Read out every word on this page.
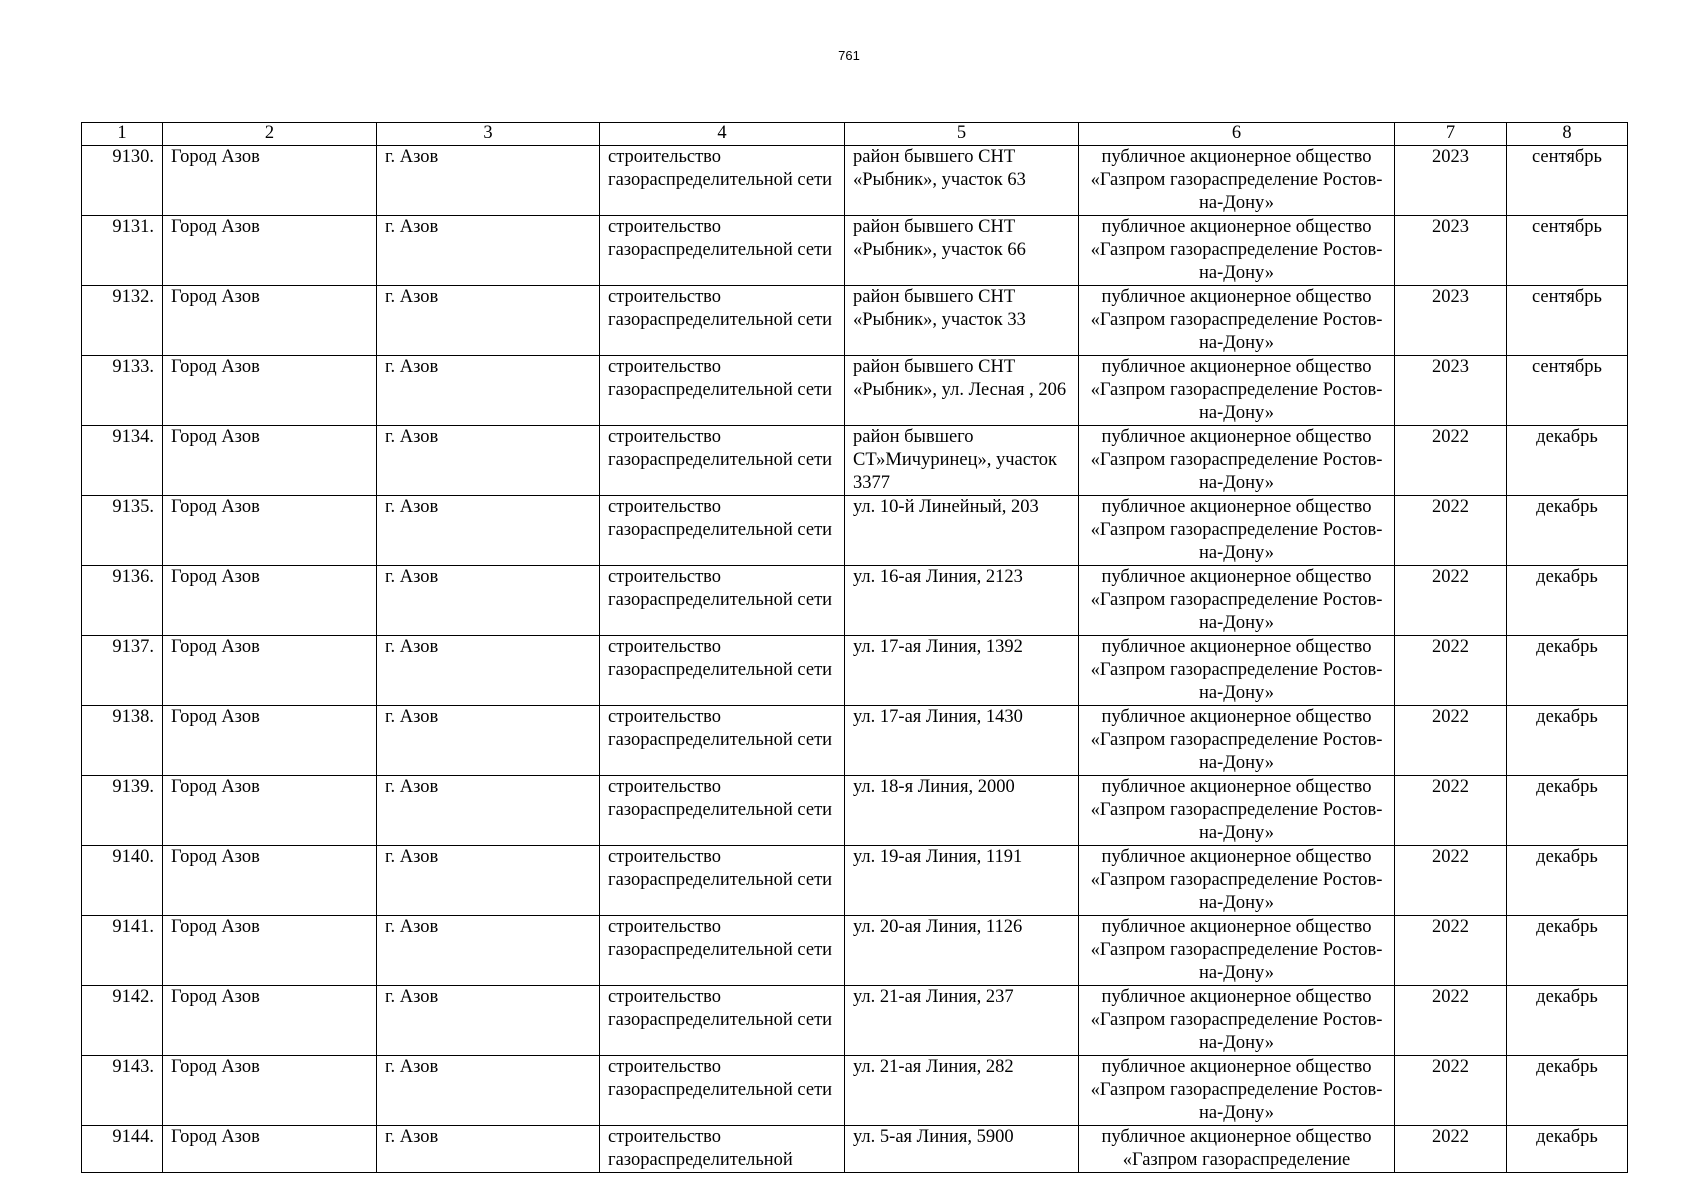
761
1	2	3	4	5	6	7	8
9130.	Город Азов	г. Азов	строительство газораспределительной сети	район бывшего СНТ «Рыбник», участок 63	публичное акционерное общество «Газпром газораспределение Ростов-на-Дону»	2023	сентябрь
9131.	Город Азов	г. Азов	строительство газораспределительной сети	район бывшего СНТ «Рыбник», участок 66	публичное акционерное общество «Газпром газораспределение Ростов-на-Дону»	2023	сентябрь
9132.	Город Азов	г. Азов	строительство газораспределительной сети	район бывшего СНТ «Рыбник», участок 33	публичное акционерное общество «Газпром газораспределение Ростов-на-Дону»	2023	сентябрь
9133.	Город Азов	г. Азов	строительство газораспределительной сети	район бывшего СНТ «Рыбник», ул. Лесная , 206	публичное акционерное общество «Газпром газораспределение Ростов-на-Дону»	2023	сентябрь
9134.	Город Азов	г. Азов	строительство газораспределительной сети	район бывшего СТ»Мичуринец», участок 3377	публичное акционерное общество «Газпром газораспределение Ростов-на-Дону»	2022	декабрь
9135.	Город Азов	г. Азов	строительство газораспределительной сети	ул. 10-й Линейный, 203	публичное акционерное общество «Газпром газораспределение Ростов-на-Дону»	2022	декабрь
9136.	Город Азов	г. Азов	строительство газораспределительной сети	ул. 16-ая Линия, 2123	публичное акционерное общество «Газпром газораспределение Ростов-на-Дону»	2022	декабрь
9137.	Город Азов	г. Азов	строительство газораспределительной сети	ул. 17-ая Линия, 1392	публичное акционерное общество «Газпром газораспределение Ростов-на-Дону»	2022	декабрь
9138.	Город Азов	г. Азов	строительство газораспределительной сети	ул. 17-ая Линия, 1430	публичное акционерное общество «Газпром газораспределение Ростов-на-Дону»	2022	декабрь
9139.	Город Азов	г. Азов	строительство газораспределительной сети	ул. 18-я Линия, 2000	публичное акционерное общество «Газпром газораспределение Ростов-на-Дону»	2022	декабрь
9140.	Город Азов	г. Азов	строительство газораспределительной сети	ул. 19-ая Линия, 1191	публичное акционерное общество «Газпром газораспределение Ростов-на-Дону»	2022	декабрь
9141.	Город Азов	г. Азов	строительство газораспределительной сети	ул. 20-ая Линия, 1126	публичное акционерное общество «Газпром газораспределение Ростов-на-Дону»	2022	декабрь
9142.	Город Азов	г. Азов	строительство газораспределительной сети	ул. 21-ая Линия, 237	публичное акционерное общество «Газпром газораспределение Ростов-на-Дону»	2022	декабрь
9143.	Город Азов	г. Азов	строительство газораспределительной сети	ул. 21-ая Линия, 282	публичное акционерное общество «Газпром газораспределение Ростов-на-Дону»	2022	декабрь
9144.	Город Азов	г. Азов	строительство газораспределительной	ул. 5-ая Линия, 5900	публичное акционерное общество «Газпром газораспределение	2022	декабрь
